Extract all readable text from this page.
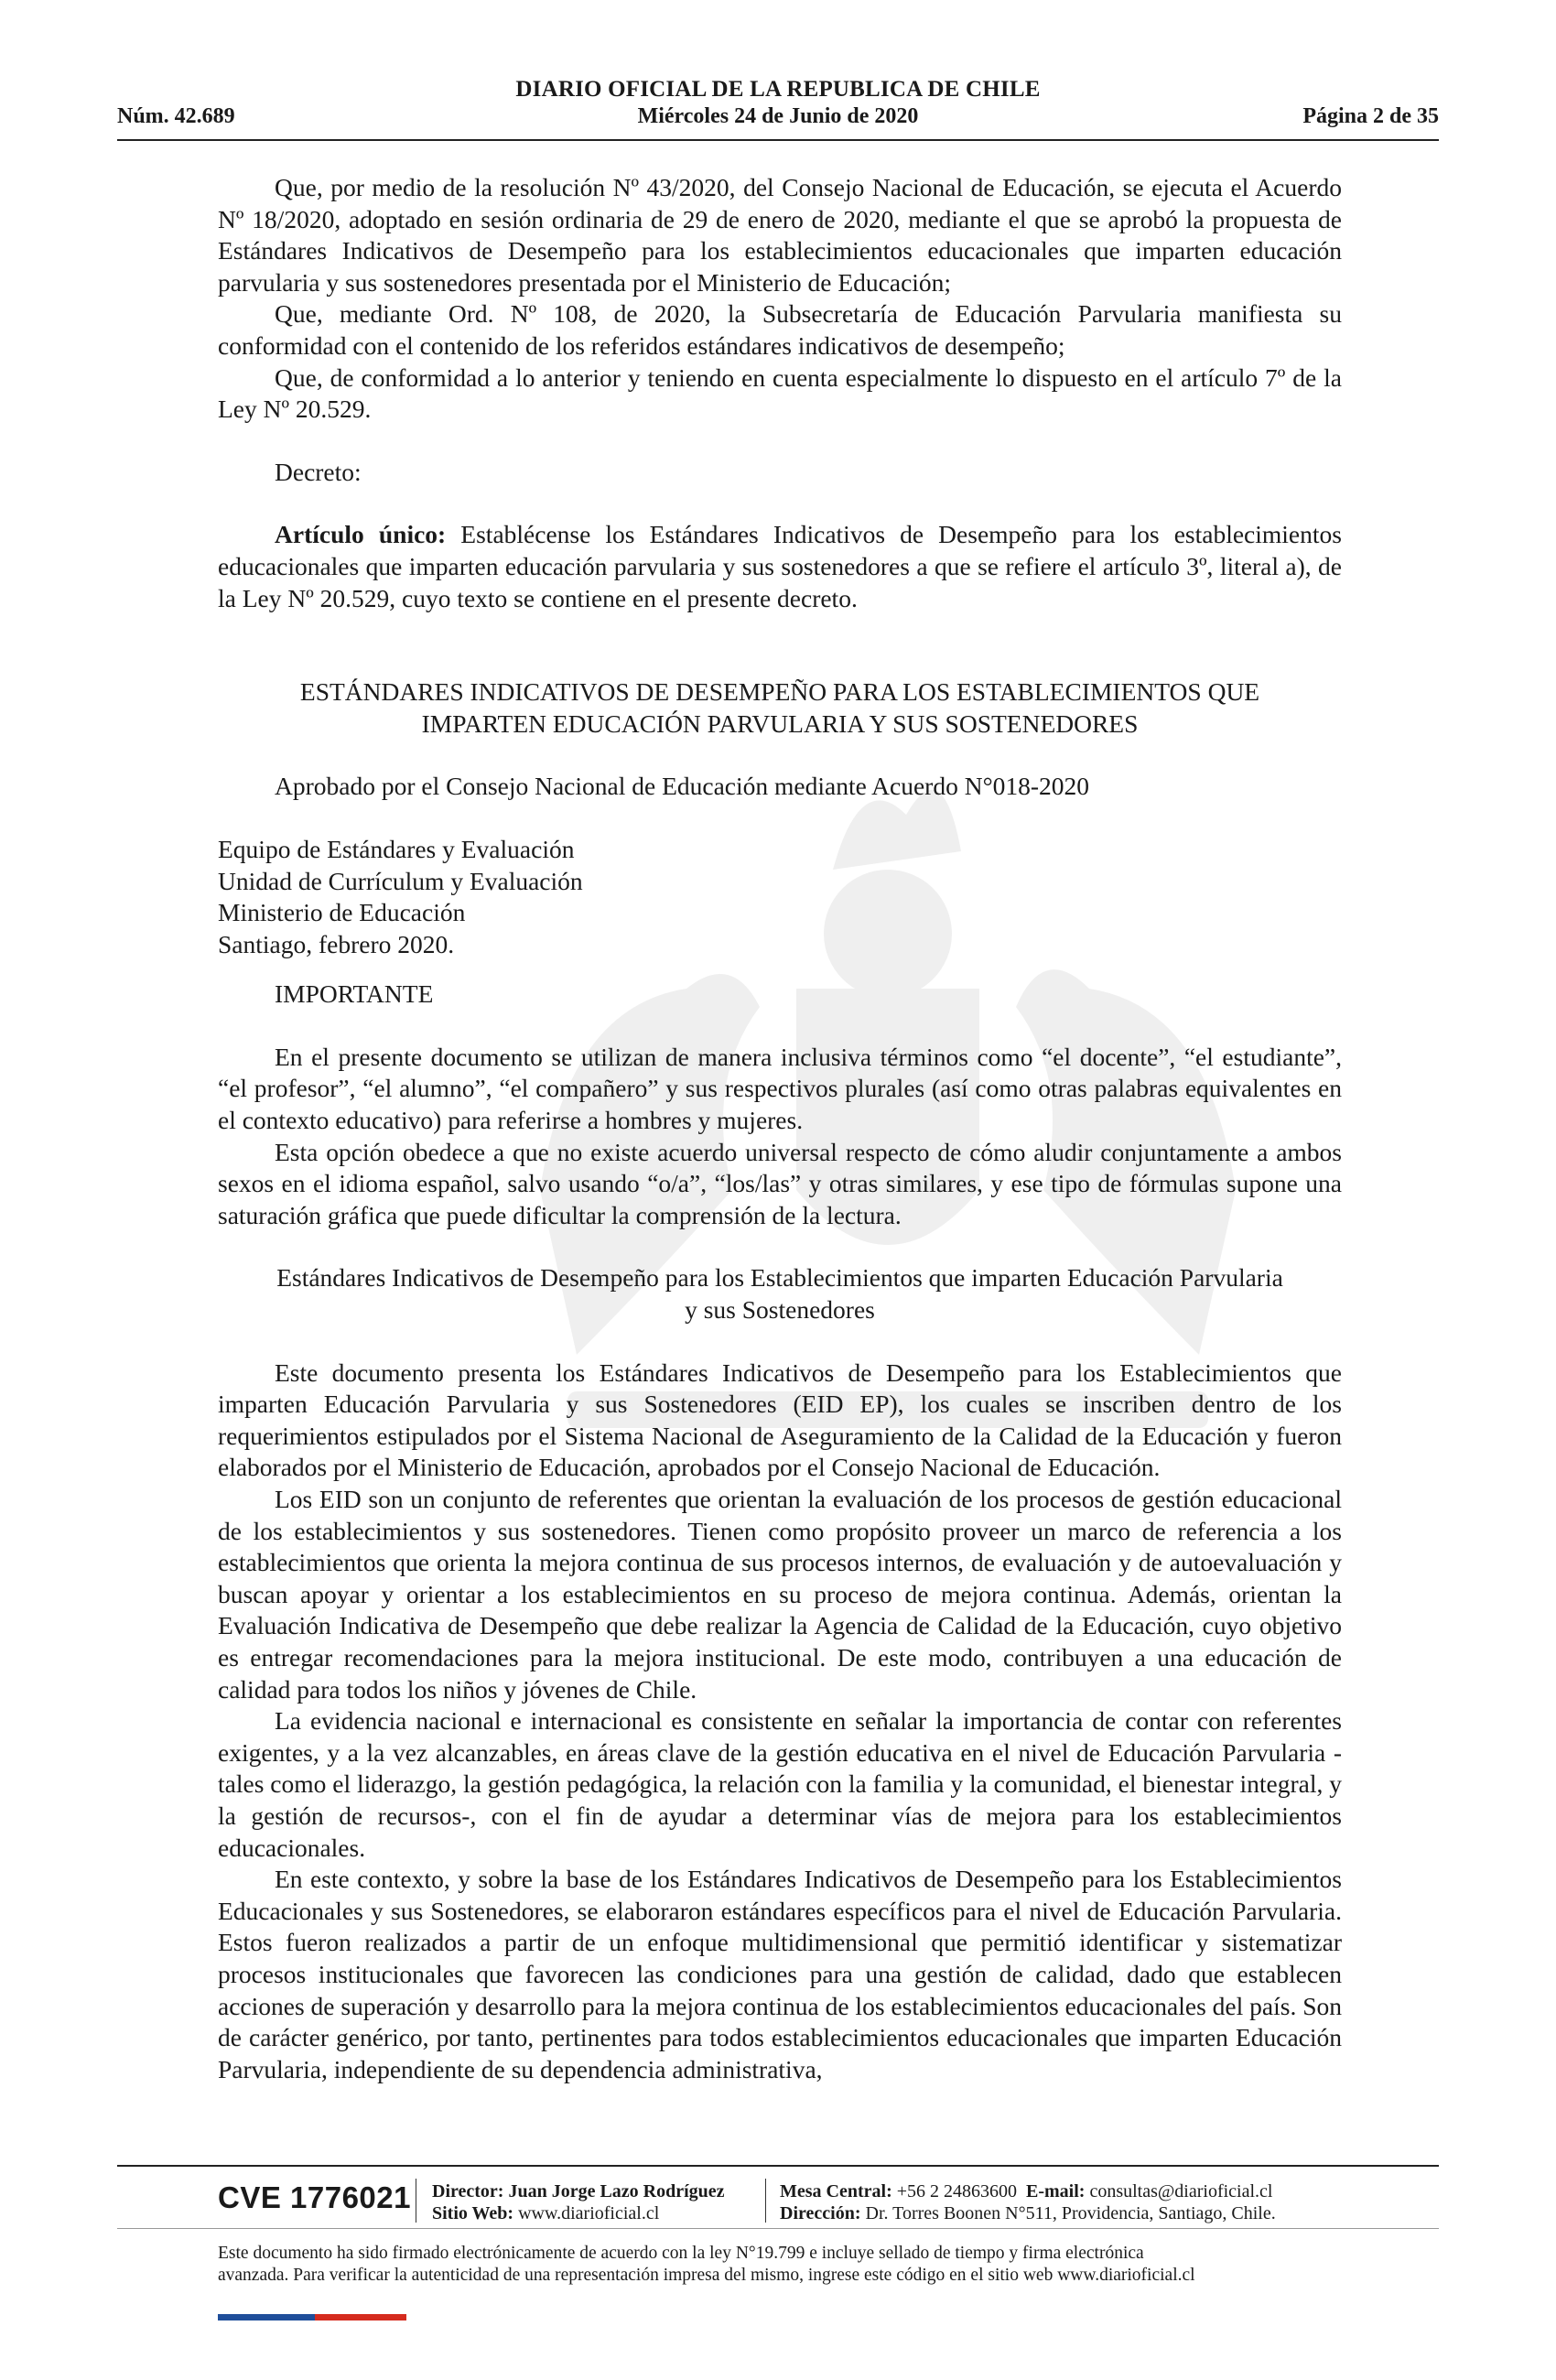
DIARIO OFICIAL DE LA REPUBLICA DE CHILE
Núm. 42.689	Miércoles 24 de Junio de 2020	Página 2 de 35

Que, por medio de la resolución Nº 43/2020, del Consejo Nacional de Educación, se ejecuta el Acuerdo Nº 18/2020, adoptado en sesión ordinaria de 29 de enero de 2020, mediante el que se aprobó la propuesta de Estándares Indicativos de Desempeño para los establecimientos educacionales que imparten educación parvularia y sus sostenedores presentada por el Ministerio de Educación;

Que, mediante Ord. Nº 108, de 2020, la Subsecretaría de Educación Parvularia manifiesta su conformidad con el contenido de los referidos estándares indicativos de desempeño;

Que, de conformidad a lo anterior y teniendo en cuenta especialmente lo dispuesto en el artículo 7º de la Ley Nº 20.529.

Decreto:

Artículo único: Establécense los Estándares Indicativos de Desempeño para los establecimientos educacionales que imparten educación parvularia y sus sostenedores a que se refiere el artículo 3º, literal a), de la Ley Nº 20.529, cuyo texto se contiene en el presente decreto.

ESTÁNDARES INDICATIVOS DE DESEMPEÑO PARA LOS ESTABLECIMIENTOS QUE

IMPARTEN EDUCACIÓN PARVULARIA Y SUS SOSTENEDORES

Aprobado por el Consejo Nacional de Educación mediante Acuerdo N°018-2020

Equipo de Estándares y Evaluación

Unidad de Currículum y Evaluación

Ministerio de Educación

Santiago, febrero 2020.

IMPORTANTE

En el presente documento se utilizan de manera inclusiva términos como “el docente”, “el estudiante”, “el profesor”, “el alumno”, “el compañero” y sus respectivos plurales (así como otras palabras equivalentes en el contexto educativo) para referirse a hombres y mujeres.

Esta opción obedece a que no existe acuerdo universal respecto de cómo aludir conjuntamente a ambos sexos en el idioma español, salvo usando “o/a”, “los/las” y otras similares, y ese tipo de fórmulas supone una saturación gráfica que puede dificultar la comprensión de la lectura.

Estándares Indicativos de Desempeño para los Establecimientos que imparten Educación Parvularia

y sus Sostenedores

Este documento presenta los Estándares Indicativos de Desempeño para los Establecimientos que imparten Educación Parvularia y sus Sostenedores (EID EP), los cuales se inscriben dentro de los requerimientos estipulados por el Sistema Nacional de Aseguramiento de la Calidad de la Educación y fueron elaborados por el Ministerio de Educación, aprobados por el Consejo Nacional de Educación.

Los EID son un conjunto de referentes que orientan la evaluación de los procesos de gestión educacional de los establecimientos y sus sostenedores. Tienen como propósito proveer un marco de referencia a los establecimientos que orienta la mejora continua de sus procesos internos, de evaluación y de autoevaluación y buscan apoyar y orientar a los establecimientos en su proceso de mejora continua. Además, orientan la Evaluación Indicativa de Desempeño que debe realizar la Agencia de Calidad de la Educación, cuyo objetivo es entregar recomendaciones para la mejora institucional. De este modo, contribuyen a una educación de calidad para todos los niños y jóvenes de Chile.

La evidencia nacional e internacional es consistente en señalar la importancia de contar con referentes exigentes, y a la vez alcanzables, en áreas clave de la gestión educativa en el nivel de Educación Parvularia -tales como el liderazgo, la gestión pedagógica, la relación con la familia y la comunidad, el bienestar integral, y la gestión de recursos-, con el fin de ayudar a determinar vías de mejora para los establecimientos educacionales.

En este contexto, y sobre la base de los Estándares Indicativos de Desempeño para los Establecimientos Educacionales y sus Sostenedores, se elaboraron estándares específicos para el nivel de Educación Parvularia. Estos fueron realizados a partir de un enfoque multidimensional que permitió identificar y sistematizar procesos institucionales que favorecen las condiciones para una gestión de calidad, dado que establecen acciones de superación y desarrollo para la mejora continua de los establecimientos educacionales del país. Son de carácter genérico, por tanto, pertinentes para todos establecimientos educacionales que imparten Educación Parvularia, independiente de su dependencia administrativa,

CVE 1776021 Director: Juan Jorge Lazo Rodríguez
Sitio Web: www.diarioficial.cl
Mesa Central: +56 2 24863600 E-mail: consultas@diarioficial.cl
Dirección: Dr. Torres Boonen N°511, Providencia, Santiago, Chile.
Este documento ha sido firmado electrónicamente de acuerdo con la ley N°19.799 e incluye sellado de tiempo y firma electrónica
avanzada. Para verificar la autenticidad de una representación impresa del mismo, ingrese este código en el sitio web www.diarioficial.cl
